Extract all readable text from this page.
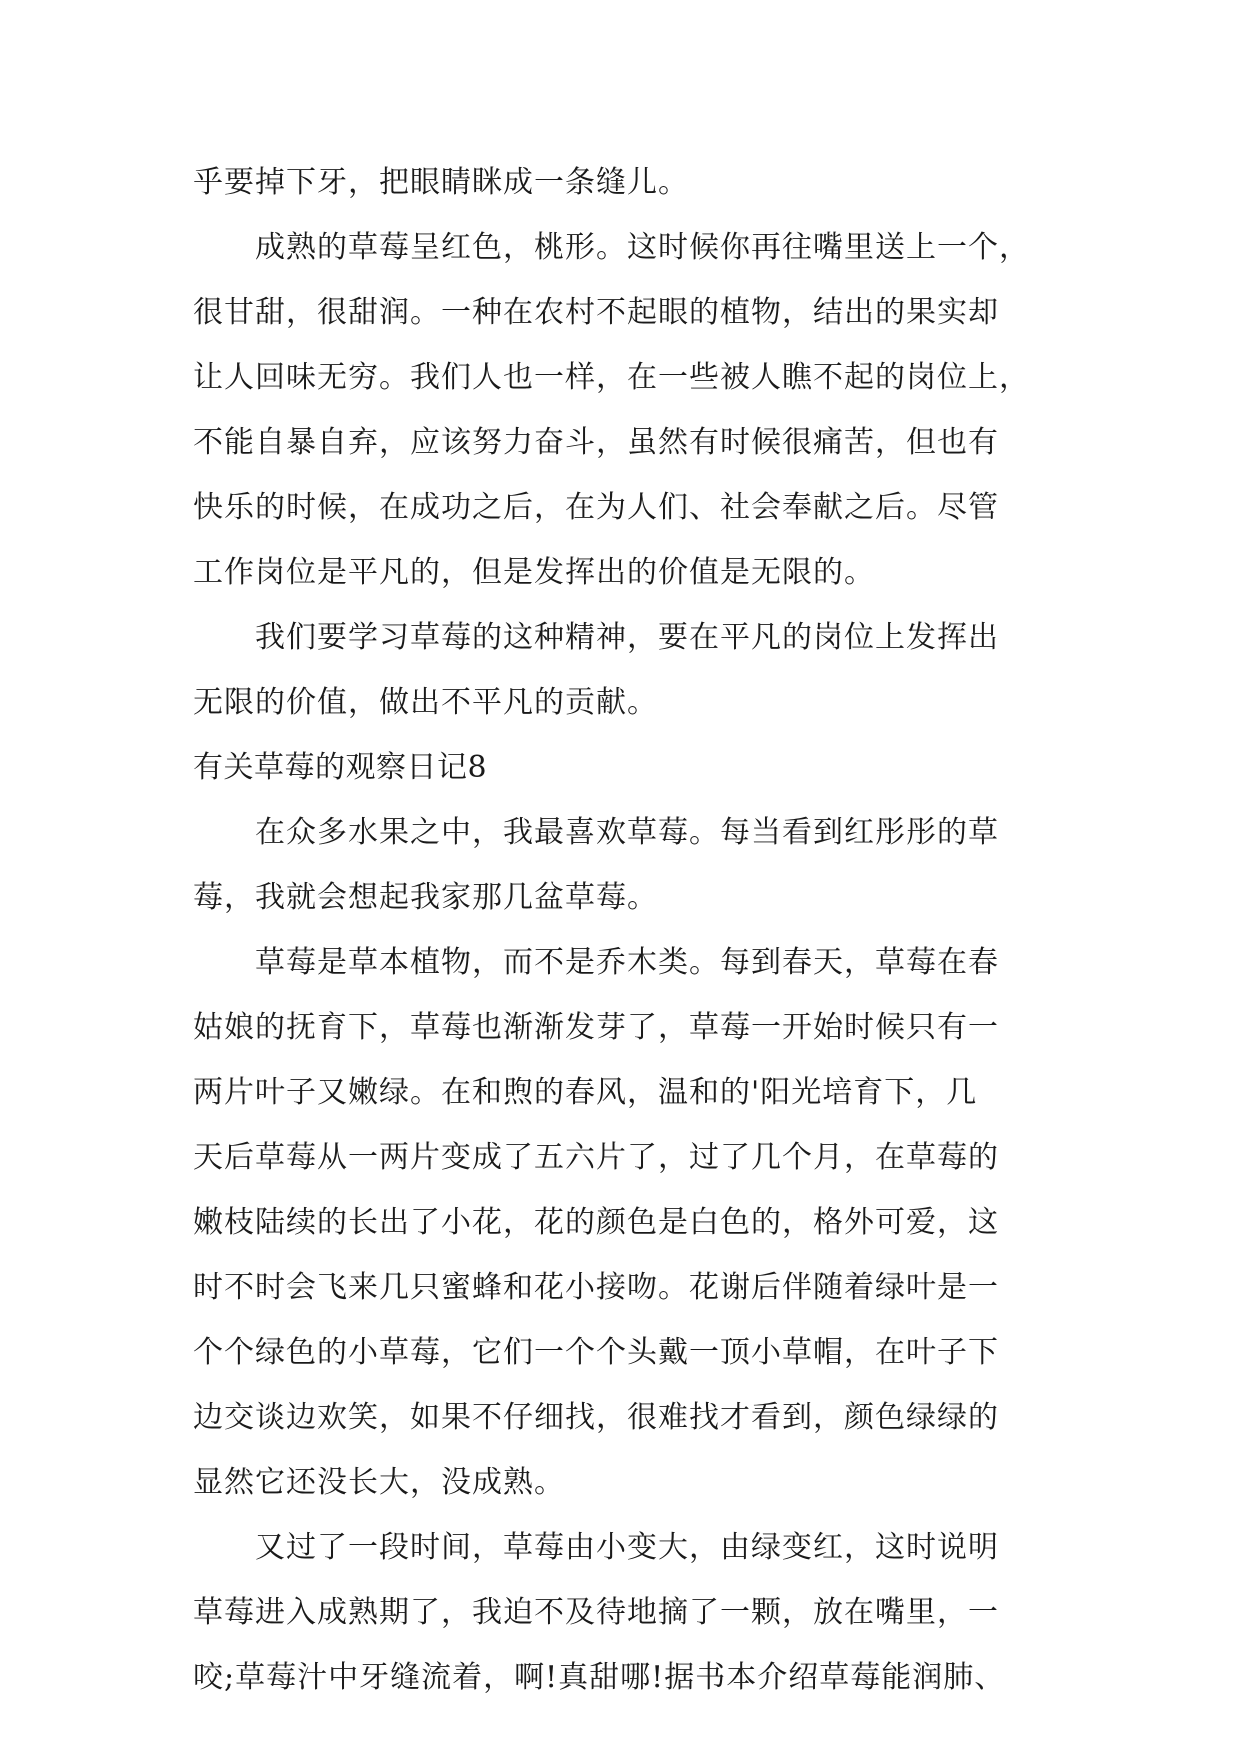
乎要掉下牙，把眼睛眯成一条缝儿。
成熟的草莓呈红色，桃形。这时候你再往嘴里送上一个，
很甘甜，很甜润。一种在农村不起眼的植物，结出的果实却
让人回味无穷。我们人也一样，在一些被人瞧不起的岗位上，
不能自暴自弃，应该努力奋斗，虽然有时候很痛苦，但也有
快乐的时候，在成功之后，在为人们、社会奉献之后。尽管
工作岗位是平凡的，但是发挥出的价值是无限的。
我们要学习草莓的这种精神，要在平凡的岗位上发挥出
无限的价值，做出不平凡的贡献。
有关草莓的观察日记8
在众多水果之中，我最喜欢草莓。每当看到红彤彤的草
莓，我就会想起我家那几盆草莓。
草莓是草本植物，而不是乔木类。每到春天，草莓在春
姑娘的抚育下，草莓也渐渐发芽了，草莓一开始时候只有一
两片叶子又嫩绿。在和煦的春风，温和的'阳光培育下，几
天后草莓从一两片变成了五六片了，过了几个月，在草莓的
嫩枝陆续的长出了小花，花的颜色是白色的，格外可爱，这
时不时会飞来几只蜜蜂和花小接吻。花谢后伴随着绿叶是一
个个绿色的小草莓，它们一个个头戴一顶小草帽，在叶子下
边交谈边欢笑，如果不仔细找，很难找才看到，颜色绿绿的
显然它还没长大，没成熟。
又过了一段时间，草莓由小变大，由绿变红，这时说明
草莓进入成熟期了，我迫不及待地摘了一颗，放在嘴里，一
咬;草莓汁中牙缝流着，啊!真甜哪!据书本介绍草莓能润肺、
